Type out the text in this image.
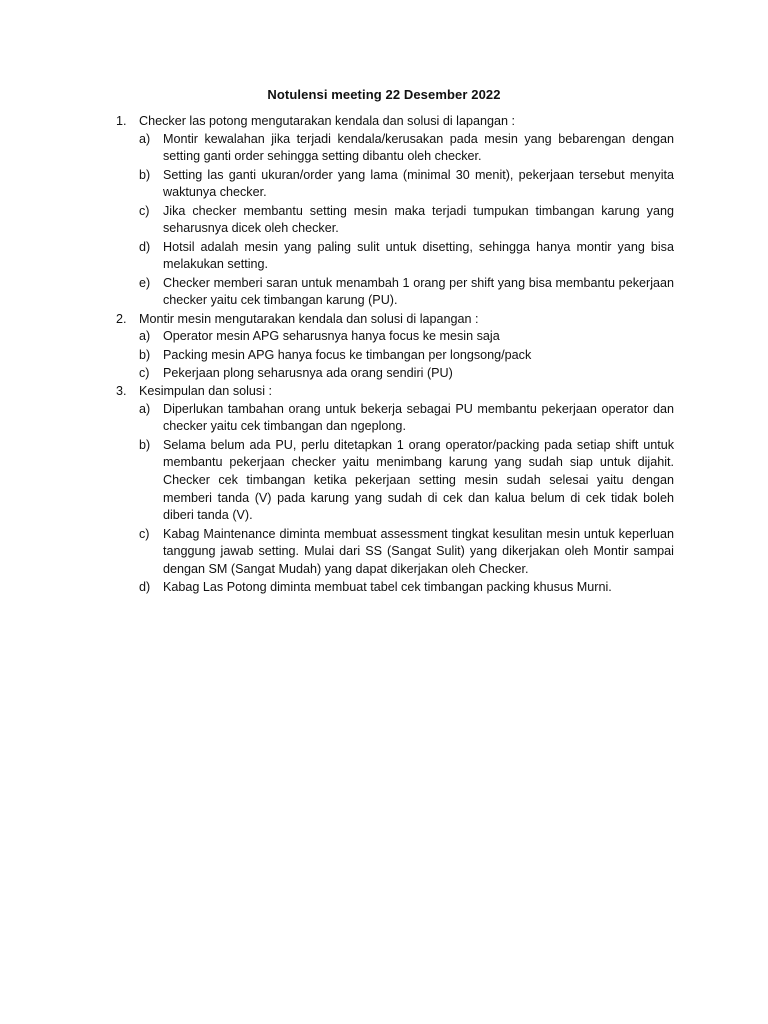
Notulensi meeting 22 Desember 2022
1. Checker las potong mengutarakan kendala dan solusi di lapangan :
a)	Montir kewalahan jika terjadi kendala/kerusakan pada mesin yang bebarengan dengan setting ganti order sehingga setting dibantu oleh checker.
b)	Setting las ganti ukuran/order yang lama (minimal 30 menit), pekerjaan tersebut menyita waktunya checker.
c)	Jika checker membantu setting mesin maka terjadi tumpukan timbangan karung yang seharusnya dicek oleh checker.
d)	Hotsil adalah mesin yang paling sulit untuk disetting, sehingga hanya montir yang bisa melakukan setting.
e)	Checker memberi saran untuk menambah 1 orang per shift yang bisa membantu pekerjaan checker yaitu cek timbangan karung (PU).
2. Montir mesin mengutarakan kendala dan solusi di lapangan :
a)	Operator mesin APG seharusnya hanya focus ke mesin saja
b)	Packing mesin APG hanya focus ke timbangan per longsong/pack
c)	Pekerjaan plong seharusnya ada orang sendiri (PU)
3. Kesimpulan dan solusi :
a)	Diperlukan tambahan orang untuk bekerja sebagai PU membantu pekerjaan operator dan checker yaitu cek timbangan dan ngeplong.
b)	Selama belum ada PU, perlu ditetapkan 1 orang operator/packing pada setiap shift untuk membantu pekerjaan checker yaitu menimbang karung yang sudah siap untuk dijahit. Checker cek timbangan ketika pekerjaan setting mesin sudah selesai yaitu dengan memberi tanda (V) pada karung yang sudah di cek dan kalua belum di cek tidak boleh diberi tanda (V).
c)	Kabag Maintenance diminta membuat assessment tingkat kesulitan mesin untuk keperluan tanggung jawab setting. Mulai dari SS (Sangat Sulit) yang dikerjakan oleh Montir sampai dengan SM (Sangat Mudah) yang dapat dikerjakan oleh Checker.
d)	Kabag Las Potong diminta membuat tabel cek timbangan packing khusus Murni.
